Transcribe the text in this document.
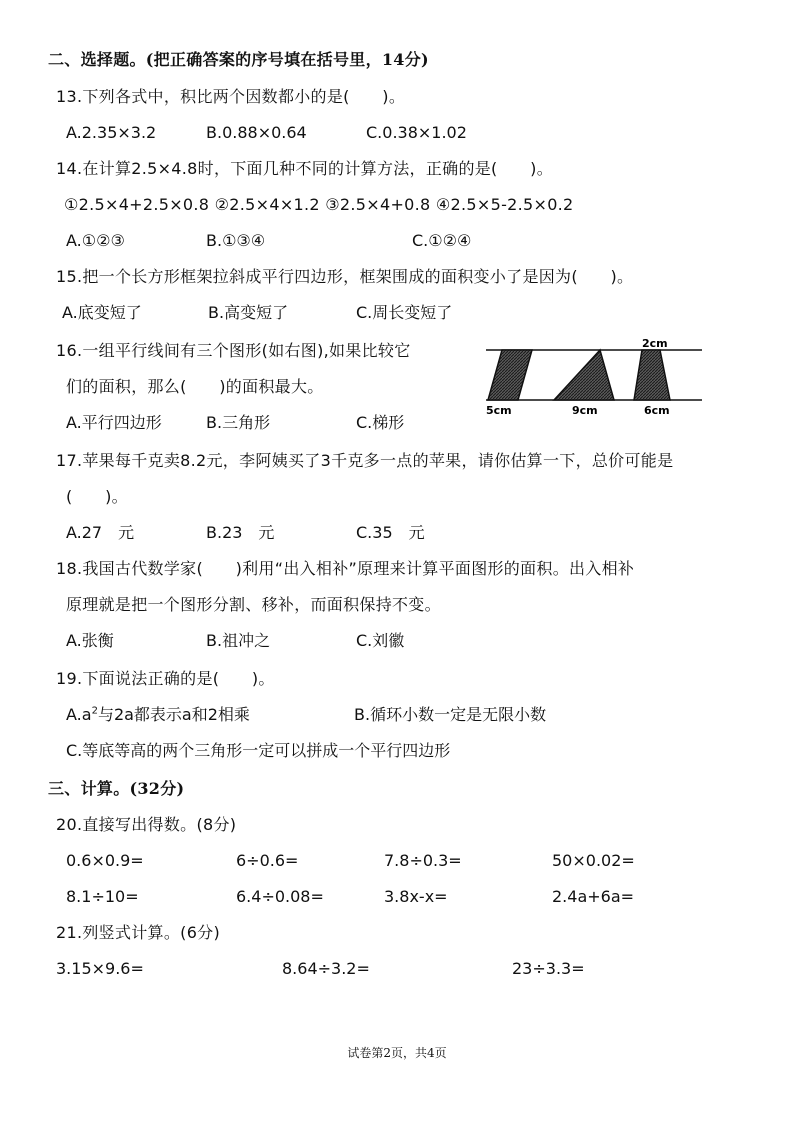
二、选择题。(把正确答案的序号填在括号里，14分)
13.下列各式中，积比两个因数都小的是(　　)。
A.2.35×3.2	B.0.88×0.64	C.0.38×1.02
14.在计算2.5×4.8时，下面几种不同的计算方法，正确的是(　　)。
①2.5×4+2.5×0.8 ②2.5×4×1.2 ③2.5×4+0.8 ④2.5×5-2.5×0.2
A.①②③	B.①③④	C.①②④
15.把一个长方形框架拉斜成平行四边形，框架围成的面积变小了是因为(　　)。
A.底变短了	B.高变短了	C.周长变短了
16.一组平行线间有三个图形(如右图),如果比较它
们的面积，那么(　　)的面积最大。
A.平行四边形	B.三角形	C.梯形
2cm
5cm	9cm	6cm
17.苹果每千克卖8.2元，李阿姨买了3千克多一点的苹果，请你估算一下，总价可能是
(　　)。
A.27　元	B.23　元	C.35　元
18.我国古代数学家(　　)利用“出入相补”原理来计算平面图形的面积。出入相补
原理就是把一个图形分割、移补，而面积保持不变。
A.张衡	B.祖冲之	C.刘徽
19.下面说法正确的是(　　)。
$A.a^2$与2a都表示a和2相乘	B.循环小数一定是无限小数
C.等底等高的两个三角形一定可以拼成一个平行四边形
三、计算。(32分)
20.直接写出得数。(8分)
0.6×0.9=	6÷0.6=	7.8÷0.3=	50×0.02=
8.1÷10=	6.4÷0.08=	3.8x-x=	2.4a+6a=
21.列竖式计算。(6分)
3.15×9.6=	8.64÷3.2=	23÷3.3=
试卷第2页，共4页
